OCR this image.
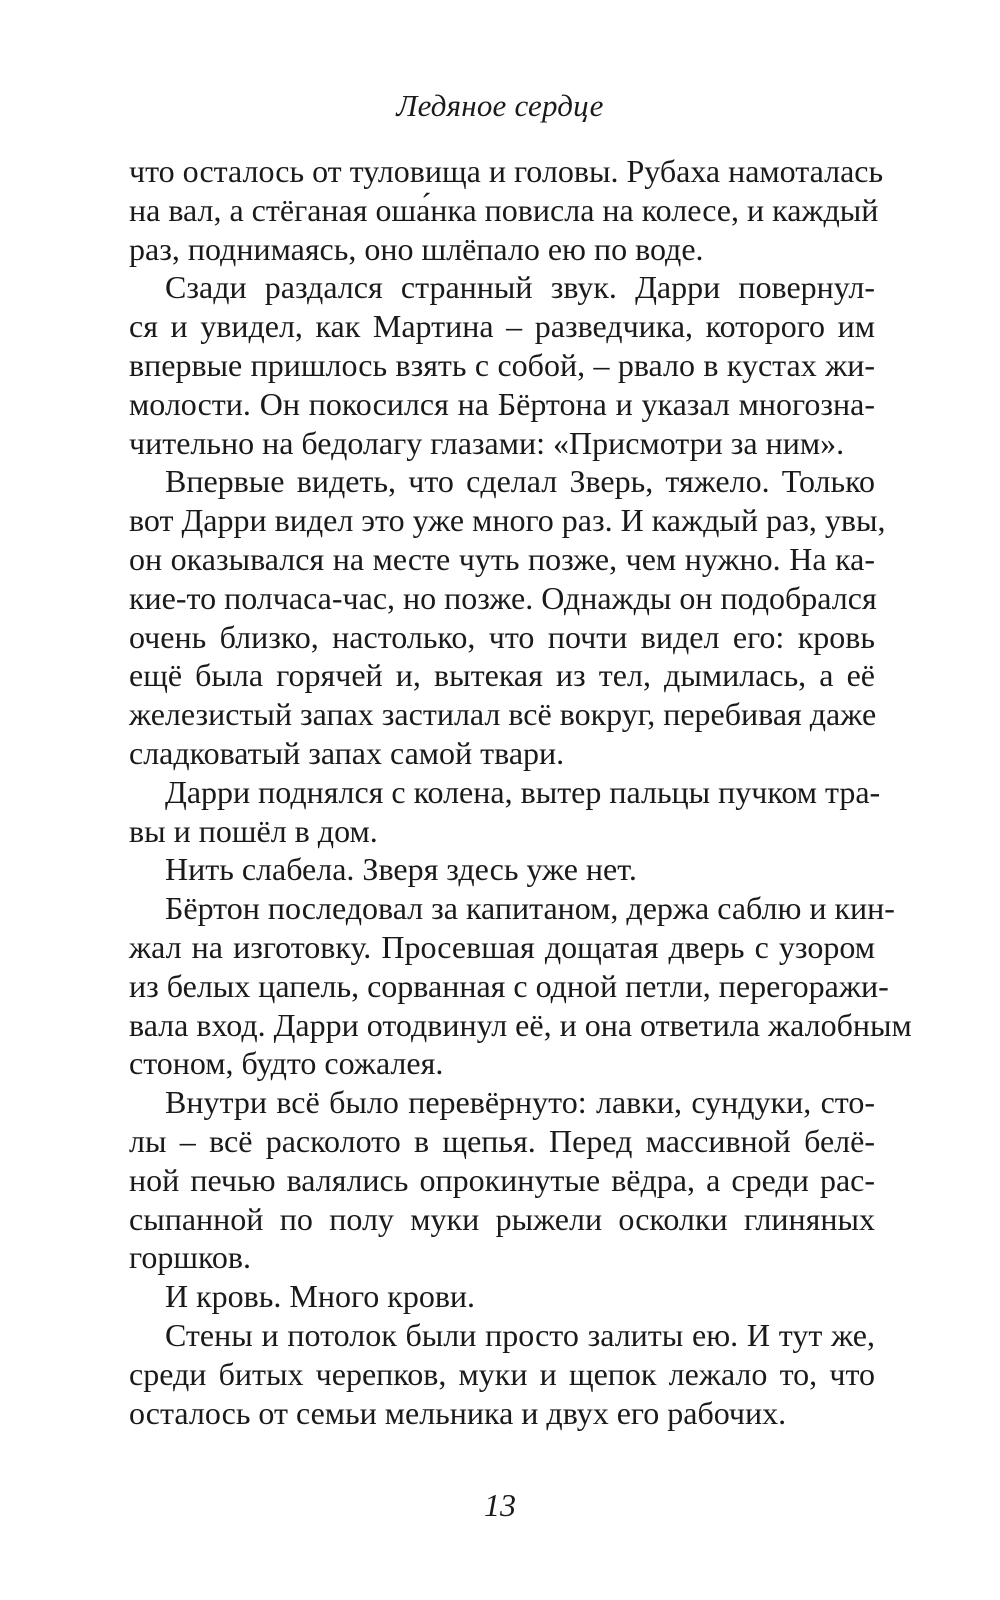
Ледяное сердце
что осталось от туловища и головы. Рубаха намоталась
на вал, а стёганая оша́нка повисла на колесе, и каждый
раз, поднимаясь, оно шлёпало ею по воде.
Сзади раздался странный звук. Дарри повернул-
ся и увидел, как Мартина – разведчика, которого им
впервые пришлось взять с собой, – рвало в кустах жи-
молости. Он покосился на Бёртона и указал многозна-
чительно на бедолагу глазами: «Присмотри за ним».
Впервые видеть, что сделал Зверь, тяжело. Только
вот Дарри видел это уже много раз. И каждый раз, увы,
он оказывался на месте чуть позже, чем нужно. На ка-
кие-то полчаса-час, но позже. Однажды он подобрался
очень близко, настолько, что почти видел его: кровь
ещё была горячей и, вытекая из тел, дымилась, а её
железистый запах застилал всё вокруг, перебивая даже
сладковатый запах самой твари.
Дарри поднялся с колена, вытер пальцы пучком тра-
вы и пошёл в дом.
Нить слабела. Зверя здесь уже нет.
Бёртон последовал за капитаном, держа саблю и кин-
жал на изготовку. Просевшая дощатая дверь с узором
из белых цапель, сорванная с одной петли, перегоражи-
вала вход. Дарри отодвинул её, и она ответила жалобным
стоном, будто сожалея.
Внутри всё было перевёрнуто: лавки, сундуки, сто-
лы – всё расколото в щепья. Перед массивной белё-
ной печью валялись опрокинутые вёдра, а среди рас-
сыпанной по полу муки рыжели осколки глиняных
горшков.
И кровь. Много крови.
Стены и потолок были просто залиты ею. И тут же,
среди битых черепков, муки и щепок лежало то, что
осталось от семьи мельника и двух его рабочих.
13
